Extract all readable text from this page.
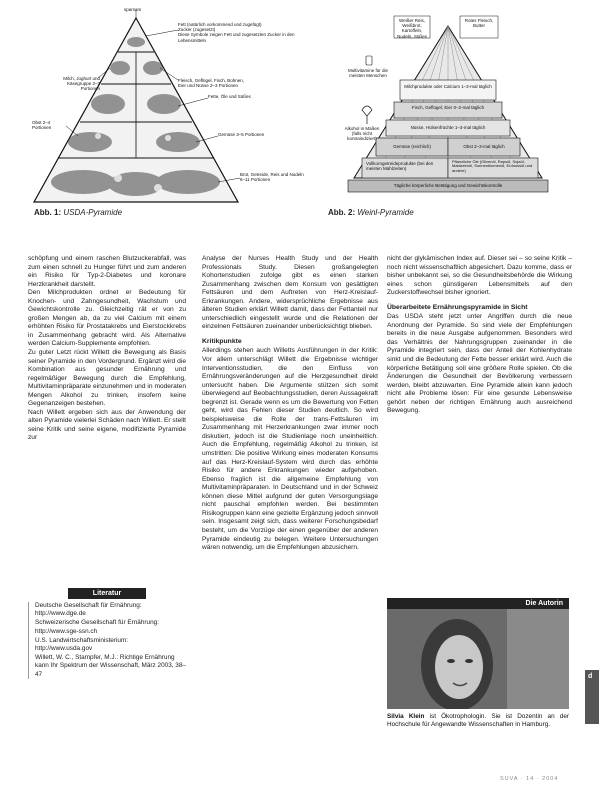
sparsam
Fett (natürlich vorkommend und zugefügt)
Zucker (zugesetzt)
Diese Symbole zeigen Fett und zugesetzten Zucker in den Lebensmitteln
Fleisch, Geflügel, Fisch, Bohnen, Eier und Nüsse 2–3 Portionen
Milch, Joghurt und Käsegruppe 2–3 Portionen
Fette, Öle und Süßes
Obst 2–4 Portionen
Gemüse 3–5 Portionen
Brot, Getreide, Reis und Nudeln 6–11 Portionen
Abb. 1: USDA-Pyramide
Weißer Reis, Weißbrot, Kartoffeln, Nudeln, Süßes
Rotes Fleisch, Butter
Multivitamine für die meisten Menschen
Alkohol in Maßen (falls nicht kontraindiziert)
Milchprodukte oder Calcium 1–2-mal täglich
Fisch, Geflügel, Eier 0–2-mal täglich
Nüsse, Hülsenfrüchte 1–3-mal täglich
Gemüse (reichlich)	Obst 2–3-mal täglich
Vollkorngetreideprodukte (bei den meisten Mahlzeiten)
Pflanzliche Öle (Olivenöl, Rapsöl, Sojaöl, Maiskeimöl, Sonnenblumenöl, Erdnussöl und andere)
Tägliche körperliche Betätigung und Gewichtskontrolle
Abb. 2: Weinl-Pyramide

schöpfung und einem raschen Blutzuckerabfall, was zum einen schnell zu Hunger führt und zum anderen ein Risiko für Typ-2-Diabetes und koronare Herzkrankheit darstellt.

Den Milchprodukten ordnet er Bedeutung für Knochen- und Zahngesundheit, Wachstum und Gewichtskontrolle zu. Gleichzeitig rät er von zu großen Mengen ab, da zu viel Calcium mit einem erhöhten Risiko für Prostatakrebs und Eierstockkrebs in Zusammenhang gebracht wird. Als Alternative werden Calcium-Supplemente empfohlen.

Zu guter Letzt rückt Willett die Bewegung als Basis seiner Pyramide in den Vordergrund. Ergänzt wird die Kombination aus gesunder Ernährung und regelmäßiger Bewegung durch die Empfehlung, Multivitaminpräparate einzunehmen und in moderaten Mengen Alkohol zu trinken, insofern keine Gegenanzeigen bestehen.

Nach Willett ergeben sich aus der Anwendung der alten Pyramide vielerlei Schäden nach Willett. Er stellt seine Kritik und seine eigene, modifizierte Pyramide zur

Literatur
Deutsche Gesellschaft für Ernährung: http://www.dge.de
Schweizerische Gesellschaft für Ernährung: http://www.sge-ssn.ch
U.S. Landwirtschaftsministerium: http://www.usda.gov
Willett, W. C., Stampfer, M.J.: Richtige Ernährung kann Ihr Spektrum der Wissenschaft, März 2003, 38–47

Analyse der Nurses Health Study und der Health Professionals Study. Diesen großangelegten Kohortenstudien zufolge gibt es einen starken Zusammenhang zwischen dem Konsum von gesättigten Fettsäuren und dem Auftreten von Herz-Kreislauf-Erkrankungen. Andere, widersprüchliche Ergebnisse aus älteren Studien erklärt Willett damit, dass der Fettanteil nur unterschiedlich eingestellt wurde und die Relationen der einzelnen Fettsäuren zueinander unberücksichtigt blieben.

Kritikpunkte

Allerdings stehen auch Willetts Ausführungen in der Kritik: Vor allem unterschlägt Willett die Ergebnisse wichtiger Interventionsstudien, die den Einfluss von Ernährungsveränderungen auf die Herzgesundheit direkt untersucht haben. Die Argumente stützen sich somit überwiegend auf Beobachtungsstudien, deren Aussagekraft begrenzt ist. Gerade wenn es um die Bewertung von Fetten geht, wird das Fehlen dieser Studien deutlich. So wird beispielsweise die Rolle der trans-Fettsäuren im Zusammenhang mit Herzerkrankungen zwar immer noch diskutiert, jedoch ist die Studienlage noch uneinheitlich. Auch die Empfehlung, regelmäßig Alkohol zu trinken, ist umstritten: Die positive Wirkung eines moderaten Konsums auf das Herz-Kreislauf-System wird durch das erhöhte Risiko für andere Erkrankungen wieder aufgehoben. Ebenso fraglich ist die allgemeine Empfehlung von Multivitaminpräparaten. In Deutschland und in der Schweiz können diese Mittel aufgrund der guten Versorgungslage nicht pauschal empfohlen werden. Bei bestimmten Risikogruppen kann eine gezielte Ergänzung jedoch sinnvoll sein. Insgesamt zeigt sich, dass weiterer Forschungsbedarf besteht, um die Vorzüge der einen gegenüber der anderen Pyramide eindeutig zu belegen. Weitere Untersuchungen wären notwendig, um die Empfehlungen abzusichern.

nicht der glykämischen Index auf. Dieser sei – so seine Kritik – noch nicht wissenschaftlich abgesichert. Dazu komme, dass er bisher unbekannt sei, so die Gesundheitsbehörde die Wirkung eines schon günstigeren Lebensmittels auf den Zuckerstoffwechsel bisher ignoriert.

Überarbeitete Ernährungspyramide in Sicht

Das USDA steht jetzt unter Angriffen durch die neue Anordnung der Pyramide. So sind viele der Empfehlungen bereits in die neue Ausgabe aufgenommen. Besonders wird das Verhältnis der Nahrungsgruppen zueinander in die Pyramide integriert sein, dass der Anteil der Kohlenhydrate sinkt und die Bedeutung der Fette besser erklärt wird. Auch die körperliche Betätigung soll eine größere Rolle spielen. Ob die Änderungen die Gesundheit der Bevölkerung verbessern werden, bleibt abzuwarten. Eine Pyramide allein kann jedoch nicht alle Probleme lösen: Für eine gesunde Lebensweise gehört neben der richtigen Ernährung auch ausreichend Bewegung.

Die Autorin
Silvia Klein ist Ökotrophologin. Sie ist Dozentin an der Hochschule für Angewandte Wissenschaften in Hamburg.
d
SUVA · 14 · 2004
